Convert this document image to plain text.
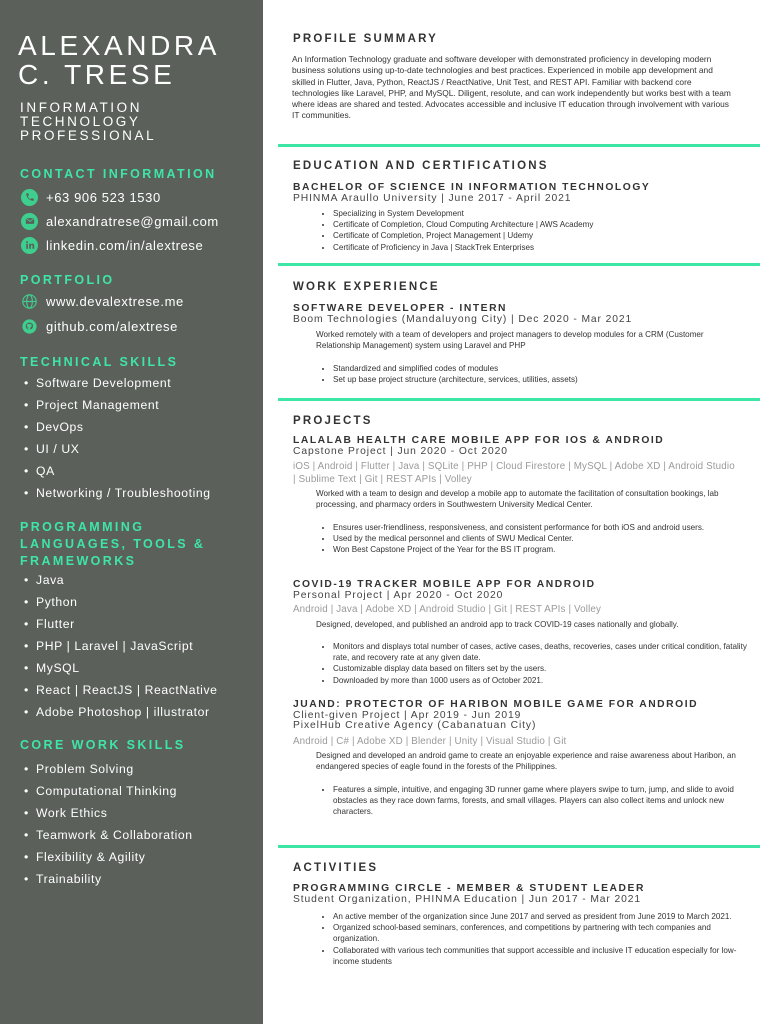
ALEXANDRA
C. TRESE
INFORMATION
TECHNOLOGY
PROFESSIONAL
CONTACT INFORMATION
+63 906 523 1530
alexandratrese@gmail.com
linkedin.com/in/alextrese
PORTFOLIO
www.devalextrese.me
github.com/alextrese
TECHNICAL SKILLS
• Software Development
• Project Management
• DevOps
• UI / UX
• QA
• Networking / Troubleshooting
PROGRAMMING
LANGUAGES, TOOLS &
FRAMEWORKS
• Java
• Python
• Flutter
• PHP | Laravel | JavaScript
• MySQL
• React | ReactJS | ReactNative
• Adobe Photoshop | illustrator
CORE WORK SKILLS
• Problem Solving
• Computational Thinking
• Work Ethics
• Teamwork & Collaboration
• Flexibility & Agility
• Trainability
PROFILE SUMMARY

An Information Technology graduate and software developer with demonstrated proficiency in developing modern business solutions using up-to-date technologies and best practices. Experienced in mobile app development and skilled in Flutter, Java, Python, ReactJS / ReactNative, Unit Test, and REST API. Familiar with backend core technologies like Laravel, PHP, and MySQL. Diligent, resolute, and can work independently but works best with a team where ideas are shared and tested. Advocates accessible and inclusive IT education through involvement with various IT communities.

EDUCATION AND CERTIFICATIONS
BACHELOR OF SCIENCE IN INFORMATION TECHNOLOGY
PHINMA Araullo University | June 2017 - April 2021
• Specializing in System Development
• Certificate of Completion, Cloud Computing Architecture | AWS Academy
• Certificate of Completion, Project Management | Udemy
• Certificate of Proficiency in Java | StackTrek Enterprises
WORK EXPERIENCE
SOFTWARE DEVELOPER - INTERN
Boom Technologies (Mandaluyong City) | Dec 2020 - Mar 2021

Worked remotely with a team of developers and project managers to develop modules for a CRM (Customer Relationship Management) system using Laravel and PHP

• Standardized and simplified codes of modules
• Set up base project structure (architecture, services, utilities, assets)
PROJECTS
LALALAB HEALTH CARE MOBILE APP FOR IOS & ANDROID
Capstone Project | Jun 2020 - Oct 2020
iOS | Android | Flutter | Java | SQLite | PHP | Cloud Firestore | MySQL | Adobe XD | Android Studio | Sublime Text | Git | REST APIs | Volley

Worked with a team to design and develop a mobile app to automate the facilitation of consultation bookings, lab processing, and pharmacy orders in Southwestern University Medical Center.

• Ensures user-friendliness, responsiveness, and consistent performance for both iOS and android users.
• Used by the medical personnel and clients of SWU Medical Center.
• Won Best Capstone Project of the Year for the BS IT program.
COVID-19 TRACKER MOBILE APP FOR ANDROID
Personal Project | Apr 2020 - Oct 2020
Android | Java | Adobe XD | Android Studio | Git | REST APIs | Volley

Designed, developed, and published an android app to track COVID-19 cases nationally and globally.

• Monitors and displays total number of cases, active cases, deaths, recoveries, cases under critical condition, fatality rate, and recovery rate at any given date.
• Customizable display data based on filters set by the users.
• Downloaded by more than 1000 users as of October 2021.
JUAND: PROTECTOR OF HARIBON MOBILE GAME FOR ANDROID
Client-given Project | Apr 2019 - Jun 2019
PixelHub Creative Agency (Cabanatuan City)
Android | C# | Adobe XD | Blender | Unity | Visual Studio | Git

Designed and developed an android game to create an enjoyable experience and raise awareness about Haribon, an endangered species of eagle found in the forests of the Philippines.

• Features a simple, intuitive, and engaging 3D runner game where players swipe to turn, jump, and slide to avoid obstacles as they race down farms, forests, and small villages. Players can also collect items and unlock new characters.
ACTIVITIES
PROGRAMMING CIRCLE - MEMBER & STUDENT LEADER
Student Organization, PHINMA Education | Jun 2017 - Mar 2021
• An active member of the organization since June 2017 and served as president from June 2019 to March 2021.
• Organized school-based seminars, conferences, and competitions by partnering with tech companies and organization.
• Collaborated with various tech communities that support accessible and inclusive IT education especially for low-income students
